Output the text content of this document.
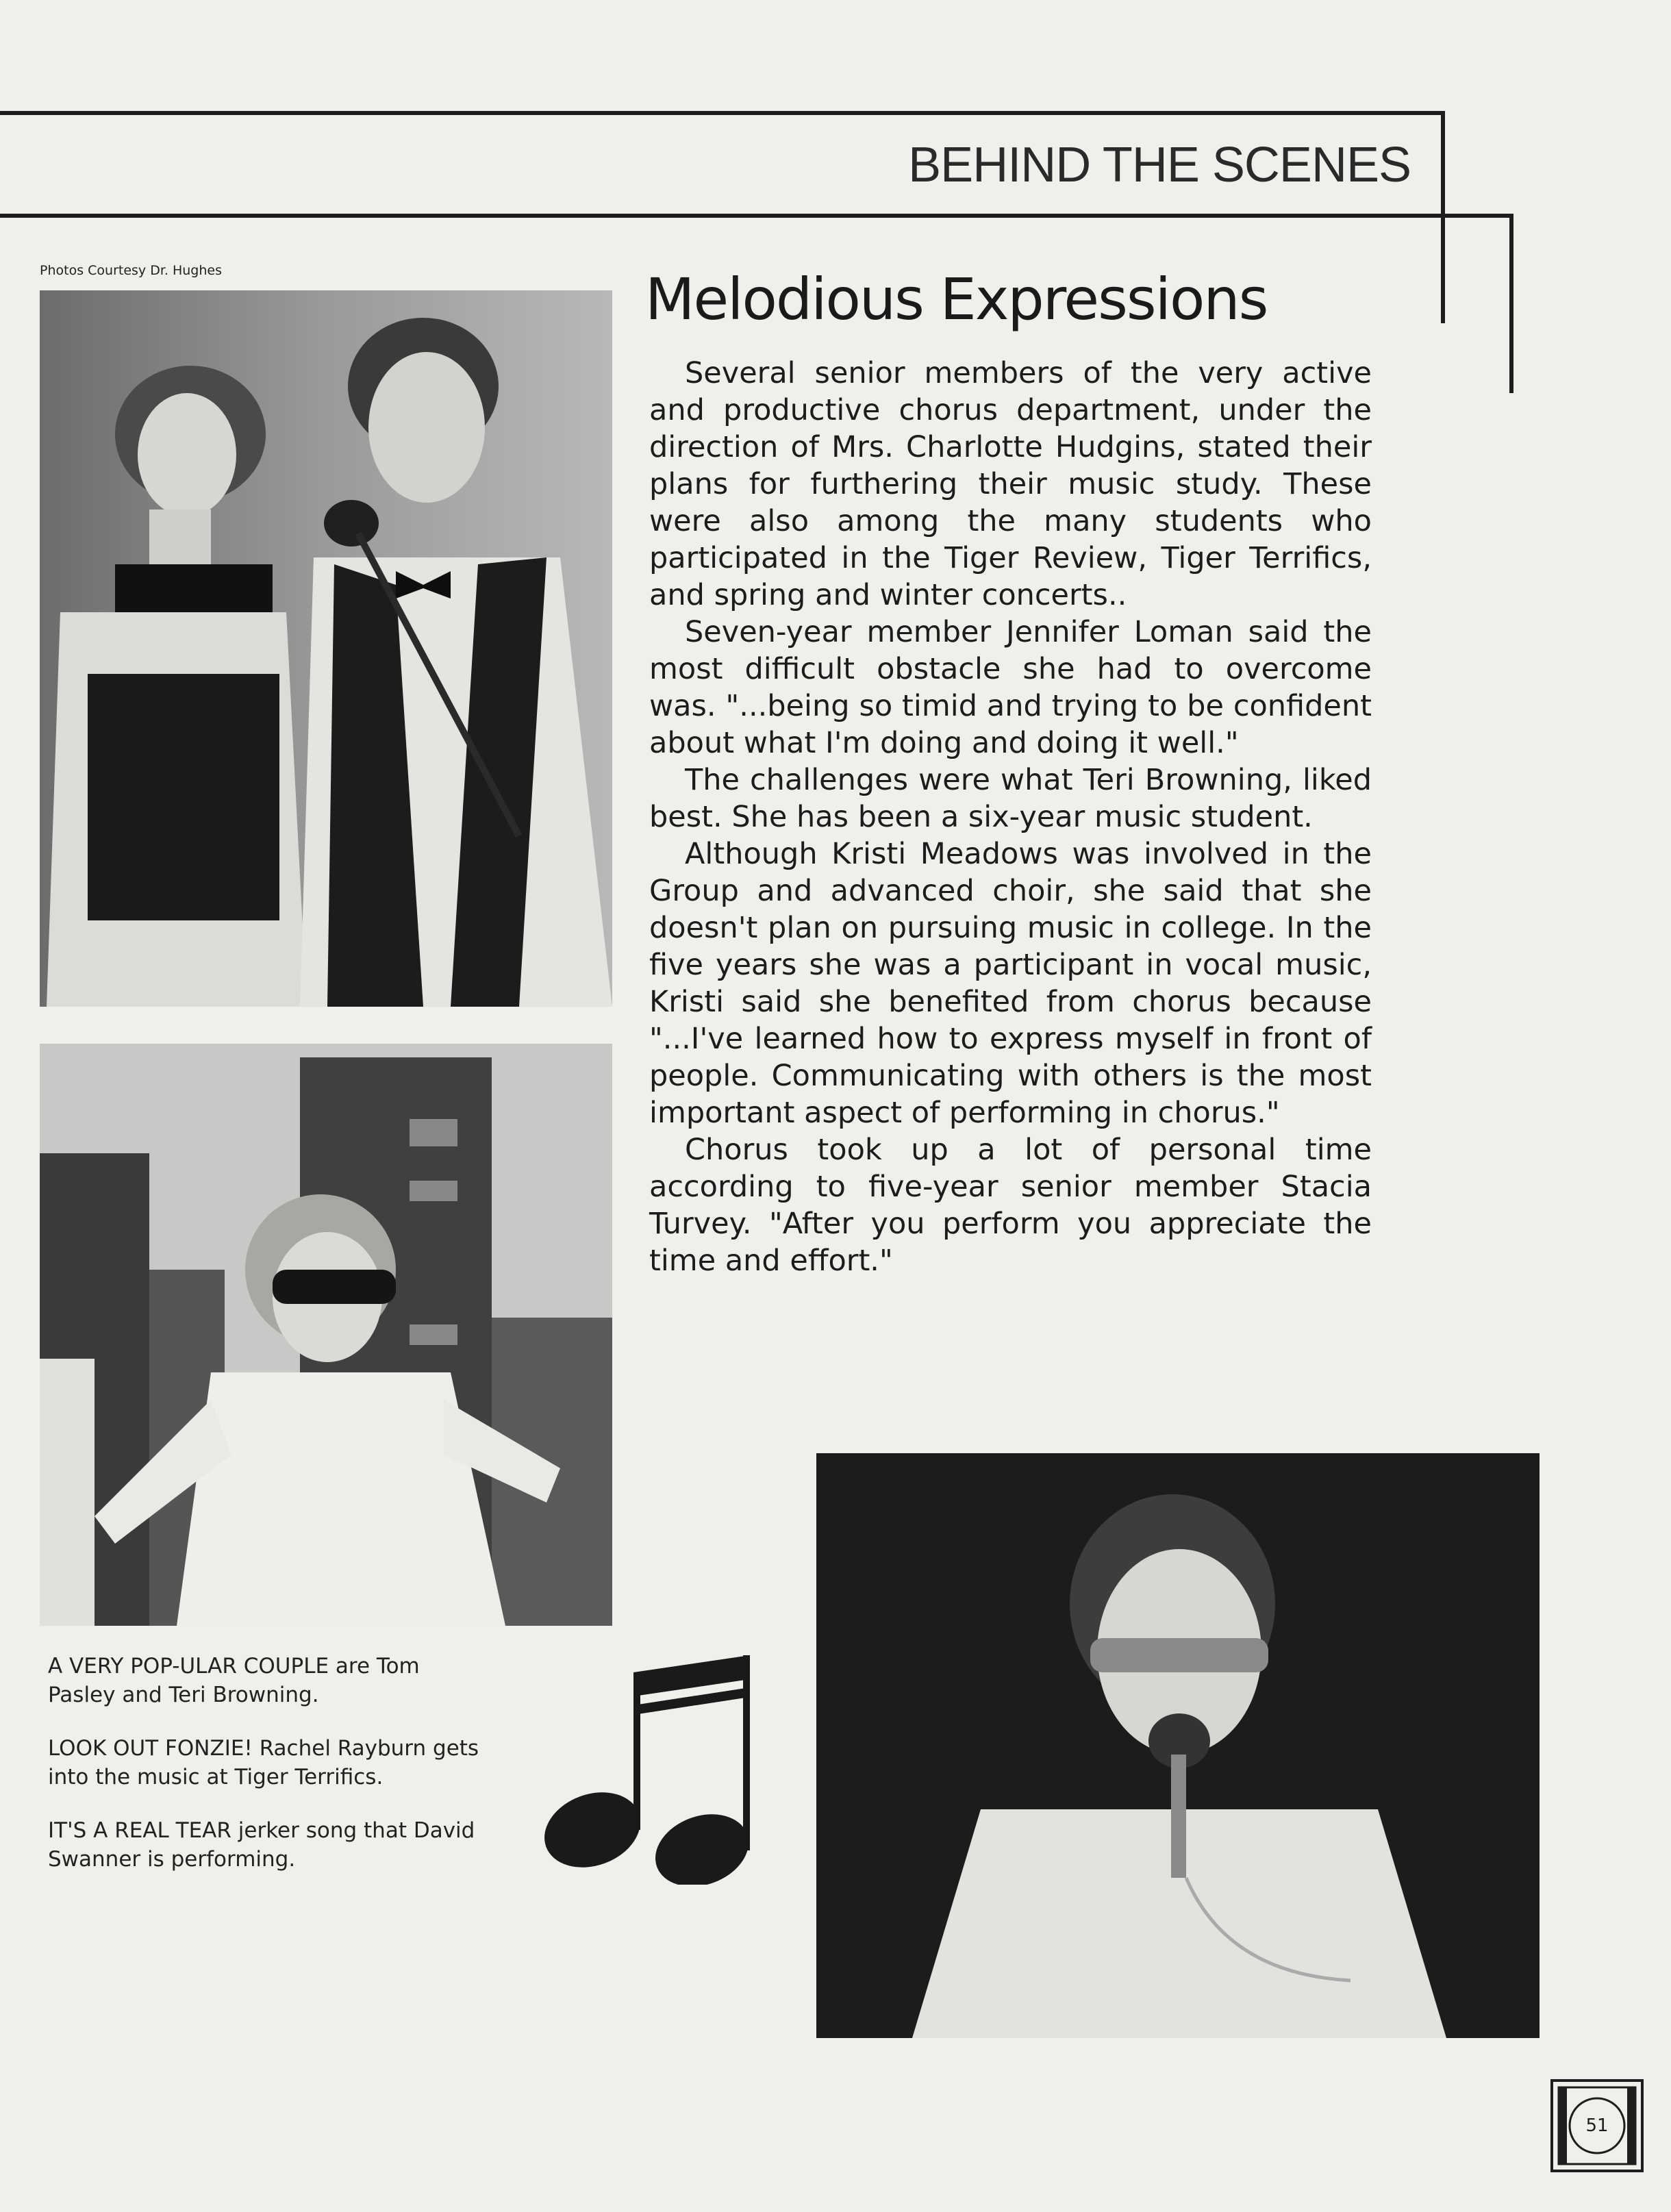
BEHIND THE SCENES
Photos Courtesy Dr. Hughes	Melodious Expressions

Several senior members of the very active and productive chorus department, under the direction of Mrs. Charlotte Hudgins, stated their plans for furthering their music study. These were also among the many students who participated in the Tiger Review, Tiger Terrifics, and spring and winter concerts..

Seven-year member Jennifer Loman said the most difficult obstacle she had to overcome was. "...being so timid and trying to be confident about what I'm doing and doing it well."

The challenges were what Teri Browning, liked best. She has been a six-year music student.

Although Kristi Meadows was involved in the Group and advanced choir, she said that she doesn't plan on pursuing music in college. In the five years she was a participant in vocal music, Kristi said she benefited from chorus because "...I've learned how to express myself in front of people. Communicating with others is the most important aspect of performing in chorus."

Chorus took up a lot of personal time according to five-year senior member Stacia Turvey. "After you perform you appreciate the time and effort."

A VERY POP-ULAR COUPLE are Tom Pasley and Teri Browning.

LOOK OUT FONZIE! Rachel Rayburn gets into the music at Tiger Terrifics.

IT'S A REAL TEAR jerker song that David Swanner is performing.

51
